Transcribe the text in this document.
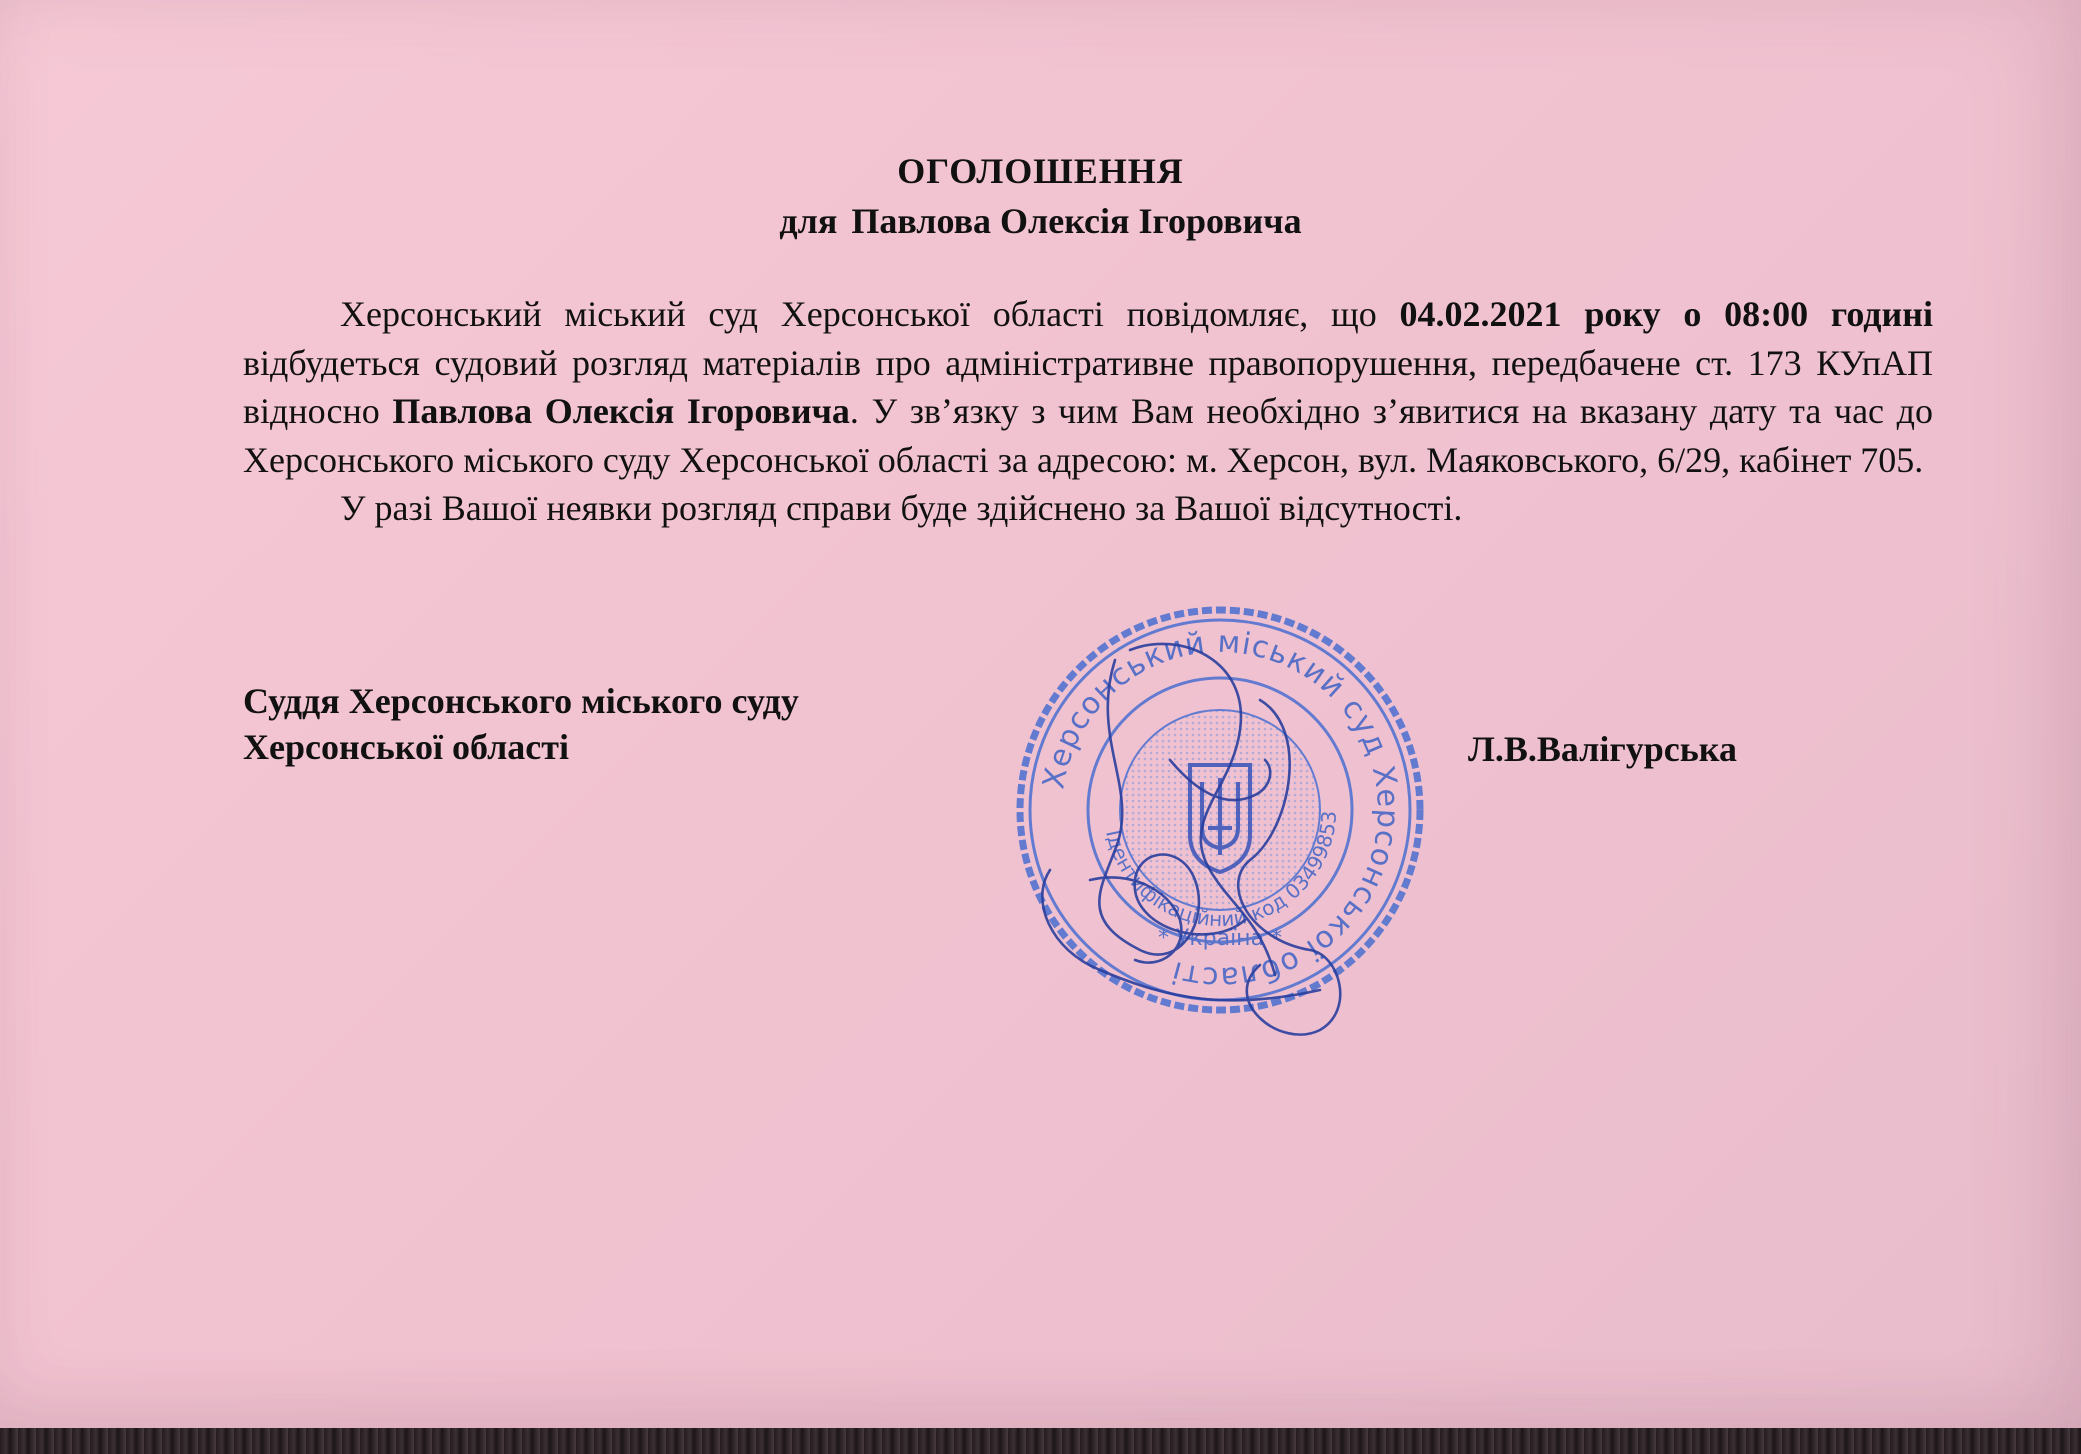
ОГОЛОШЕННЯ
для Павлова Олексія Ігоровича

Херсонський міський суд Херсонської області повідомляє, що 04.02.2021 року о 08:00 годині відбудеться судовий розгляд матеріалів про адміністративне правопорушення, передбачене ст. 173 КУпАП відносно Павлова Олексія Ігоровича. У зв’язку з чим Вам необхідно з’явитися на вказану дату та час до Херсонського міського суду Херсонської області за адресою: м. Херсон, вул. Маяковського, 6/29, кабінет 705.

У разі Вашої неявки розгляд справи буде здійснено за Вашої відсутності.

Суддя Херсонського міського суду
Херсонської області	Л.В.Валігурська
Херсонський міський суд Херсонської області
Ідентифікаційний код 03499853
* Україна *
